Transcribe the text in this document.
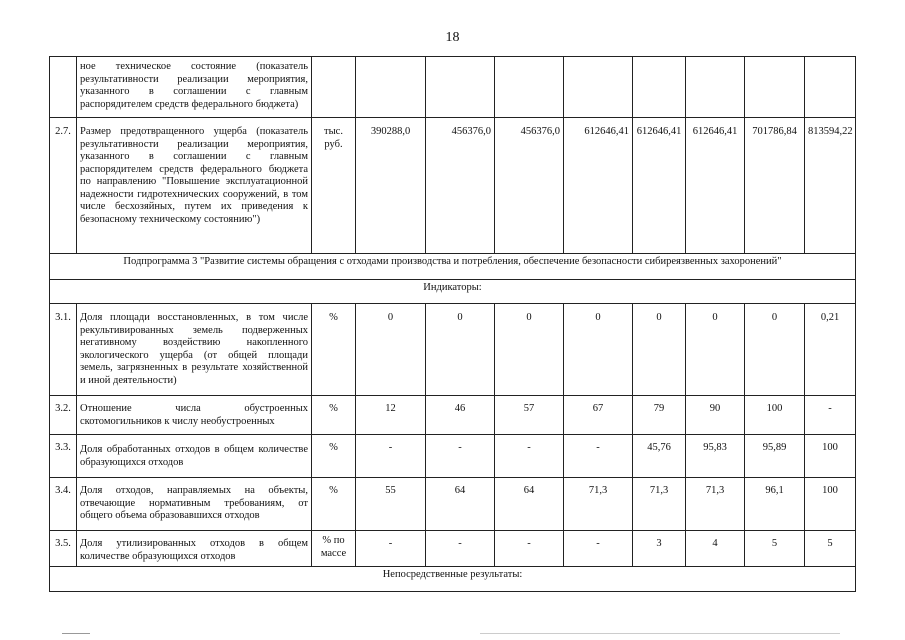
18
	ное техническое состояние (показатель результативности реализации мероприятия, указанного в соглашении с главным распорядителем средств федерального бюджета)									
2.7.	Размер предотвращенного ущерба (показатель результативности реализации мероприятия, указанного в соглашении с главным распорядителем средств федерального бюджета по направлению "Повышение эксплуатационной надежности гидротехнических сооружений, в том числе бесхозяйных, путем их приведения к безопасному техническому состоянию")	тыс. руб.	390288,0	456376,0	456376,0	612646,41	612646,41	612646,41	701786,84	813594,22
Подпрограмма 3 "Развитие системы обращения с отходами производства и потребления, обеспечение безопасности сибиреязвенных захоронений"										
Индикаторы:										
3.1.	Доля площади восстановленных, в том числе рекультивированных земель подверженных негативному воздействию накопленного экологического ущерба (от общей площади земель, загрязненных в результате хозяйственной и иной деятельности)	%	0	0	0	0	0	0	0	0,21
3.2.	Отношение числа обустроенных скотомогильников к числу необустроенных	%	12	46	57	67	79	90	100	-
3.3.	Доля обработанных отходов в общем количестве образующихся отходов	%	-	-	-	-	45,76	95,83	95,89	100
3.4.	Доля отходов, направляемых на объекты, отвечающие нормативным требованиям, от общего объема образовавшихся отходов	%	55	64	64	71,3	71,3	71,3	96,1	100
3.5.	Доля утилизированных отходов в общем количестве образующихся отходов	% по массе	-	-	-	-	3	4	5	5
Непосредственные результаты:										
